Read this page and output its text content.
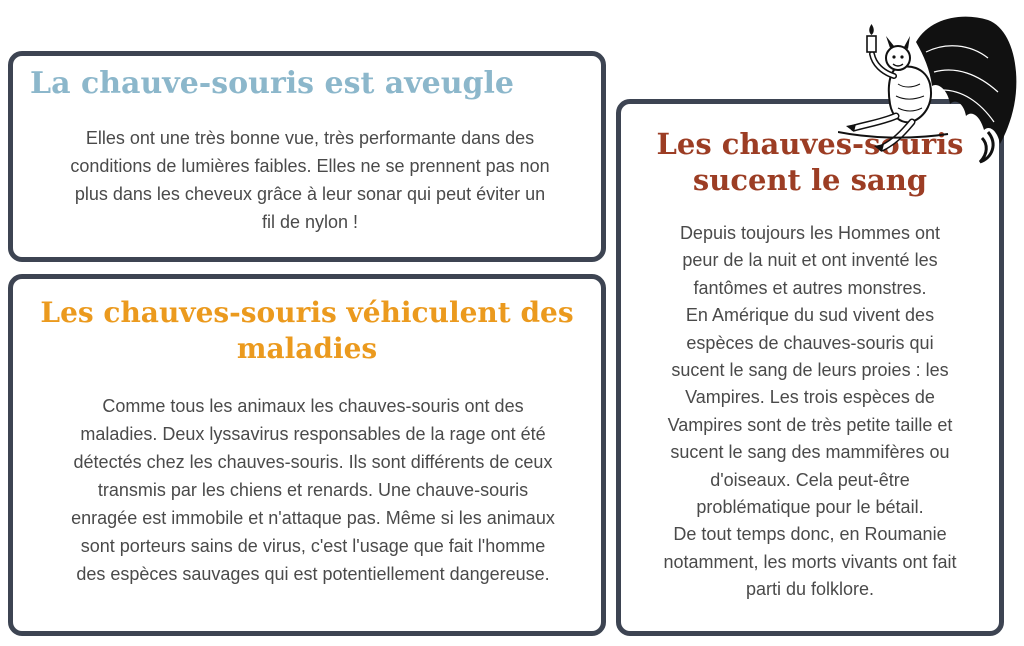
La chauve-souris est aveugle
Elles ont une très bonne vue, très performante dans des
conditions de lumières faibles. Elles ne se prennent pas non
plus dans les cheveux grâce à leur sonar qui peut éviter un
fil de nylon !
Les chauves-souris véhiculent des
maladies
Comme tous les animaux les chauves-souris ont des
maladies. Deux lyssavirus responsables de la rage ont été
détectés chez les chauves-souris. Ils sont différents de ceux
transmis par les chiens et renards. Une chauve-souris
enragée est immobile et n'attaque pas. Même si les animaux
sont porteurs sains de virus, c'est l'usage que fait l'homme
des espèces sauvages qui est potentiellement dangereuse.
Les chauves-souris
sucent le sang
Depuis toujours les Hommes ont
peur de la nuit et ont inventé les
fantômes et autres monstres.
En Amérique du sud vivent des
espèces de chauves-souris qui
sucent le sang de leurs proies : les
Vampires. Les trois espèces de
Vampires sont de très petite taille et
sucent le sang des mammifères ou
d'oiseaux. Cela peut-être
problématique pour le bétail.
De tout temps donc, en Roumanie
notamment, les morts vivants ont fait
parti du folklore.
